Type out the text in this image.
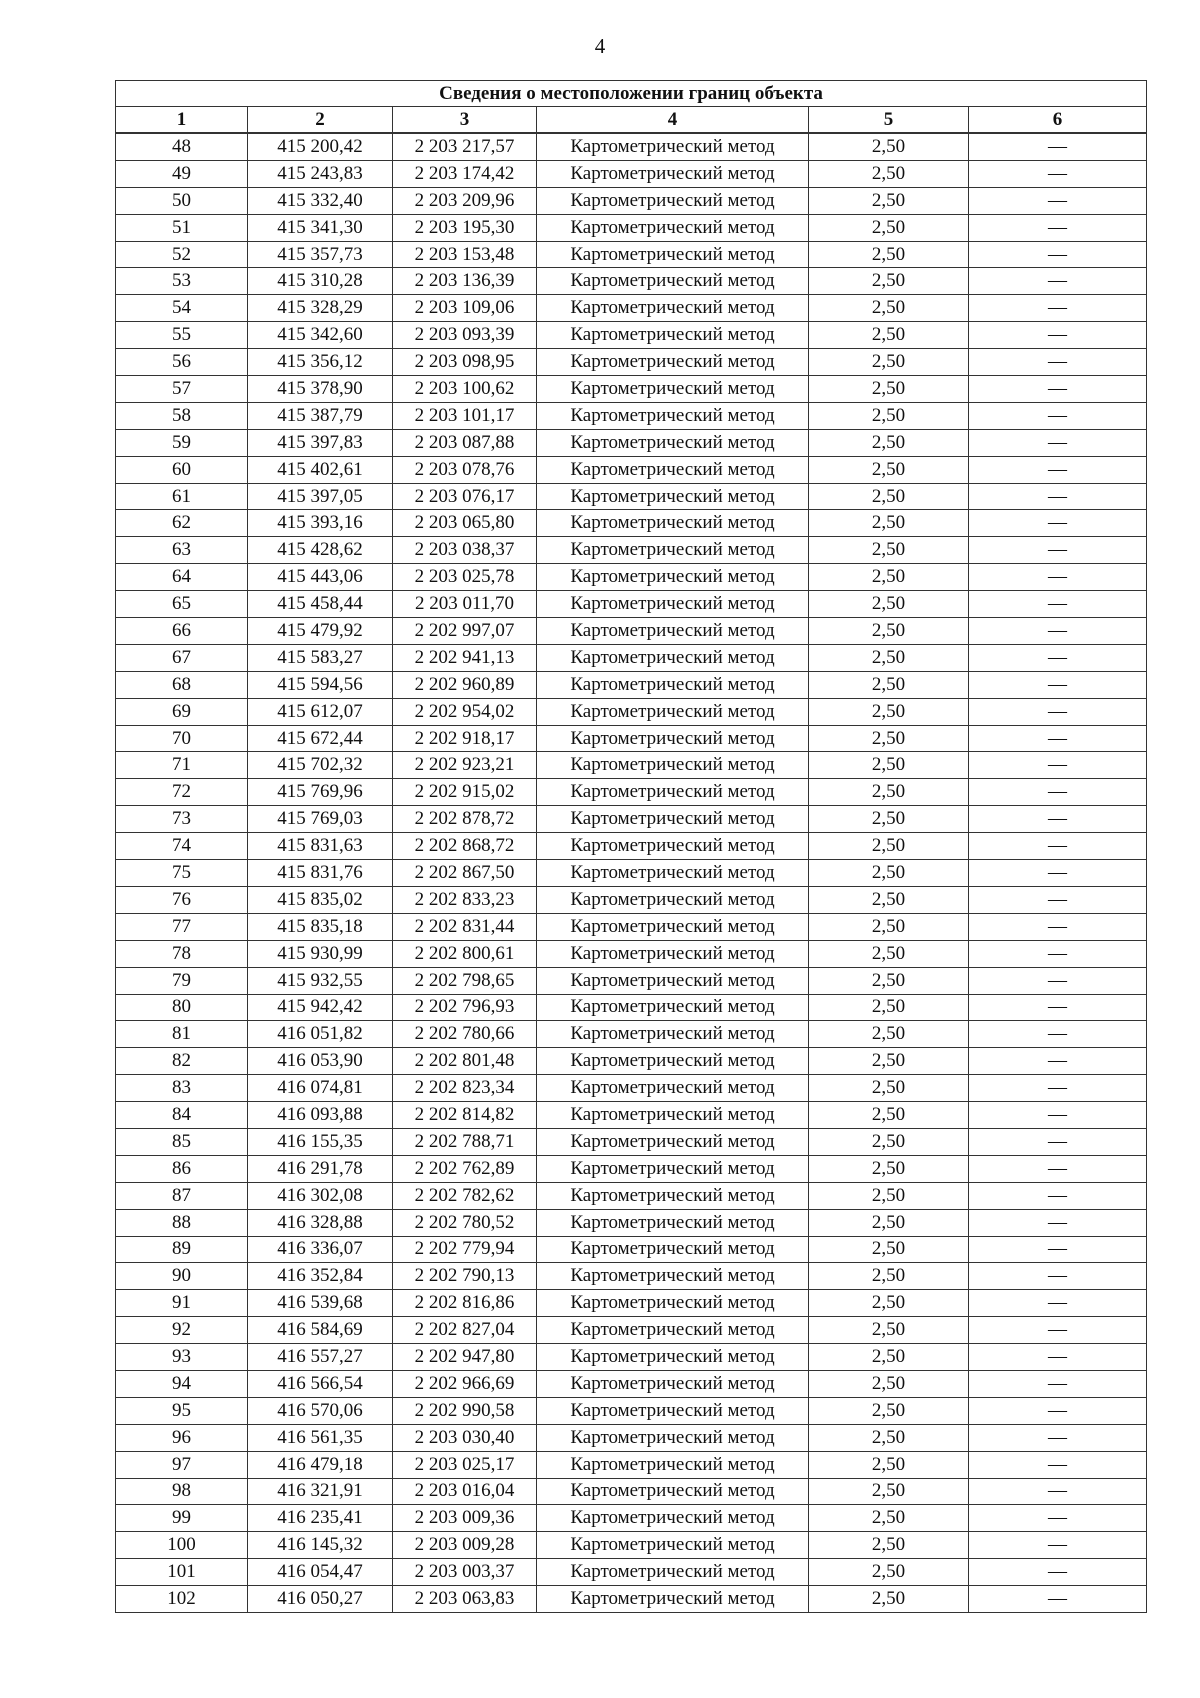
4
Сведения о местоположении границ объекта					
1	2	3	4	5	6
48	415 200,42	2 203 217,57	Картометрический метод	2,50	—
49	415 243,83	2 203 174,42	Картометрический метод	2,50	—
50	415 332,40	2 203 209,96	Картометрический метод	2,50	—
51	415 341,30	2 203 195,30	Картометрический метод	2,50	—
52	415 357,73	2 203 153,48	Картометрический метод	2,50	—
53	415 310,28	2 203 136,39	Картометрический метод	2,50	—
54	415 328,29	2 203 109,06	Картометрический метод	2,50	—
55	415 342,60	2 203 093,39	Картометрический метод	2,50	—
56	415 356,12	2 203 098,95	Картометрический метод	2,50	—
57	415 378,90	2 203 100,62	Картометрический метод	2,50	—
58	415 387,79	2 203 101,17	Картометрический метод	2,50	—
59	415 397,83	2 203 087,88	Картометрический метод	2,50	—
60	415 402,61	2 203 078,76	Картометрический метод	2,50	—
61	415 397,05	2 203 076,17	Картометрический метод	2,50	—
62	415 393,16	2 203 065,80	Картометрический метод	2,50	—
63	415 428,62	2 203 038,37	Картометрический метод	2,50	—
64	415 443,06	2 203 025,78	Картометрический метод	2,50	—
65	415 458,44	2 203 011,70	Картометрический метод	2,50	—
66	415 479,92	2 202 997,07	Картометрический метод	2,50	—
67	415 583,27	2 202 941,13	Картометрический метод	2,50	—
68	415 594,56	2 202 960,89	Картометрический метод	2,50	—
69	415 612,07	2 202 954,02	Картометрический метод	2,50	—
70	415 672,44	2 202 918,17	Картометрический метод	2,50	—
71	415 702,32	2 202 923,21	Картометрический метод	2,50	—
72	415 769,96	2 202 915,02	Картометрический метод	2,50	—
73	415 769,03	2 202 878,72	Картометрический метод	2,50	—
74	415 831,63	2 202 868,72	Картометрический метод	2,50	—
75	415 831,76	2 202 867,50	Картометрический метод	2,50	—
76	415 835,02	2 202 833,23	Картометрический метод	2,50	—
77	415 835,18	2 202 831,44	Картометрический метод	2,50	—
78	415 930,99	2 202 800,61	Картометрический метод	2,50	—
79	415 932,55	2 202 798,65	Картометрический метод	2,50	—
80	415 942,42	2 202 796,93	Картометрический метод	2,50	—
81	416 051,82	2 202 780,66	Картометрический метод	2,50	—
82	416 053,90	2 202 801,48	Картометрический метод	2,50	—
83	416 074,81	2 202 823,34	Картометрический метод	2,50	—
84	416 093,88	2 202 814,82	Картометрический метод	2,50	—
85	416 155,35	2 202 788,71	Картометрический метод	2,50	—
86	416 291,78	2 202 762,89	Картометрический метод	2,50	—
87	416 302,08	2 202 782,62	Картометрический метод	2,50	—
88	416 328,88	2 202 780,52	Картометрический метод	2,50	—
89	416 336,07	2 202 779,94	Картометрический метод	2,50	—
90	416 352,84	2 202 790,13	Картометрический метод	2,50	—
91	416 539,68	2 202 816,86	Картометрический метод	2,50	—
92	416 584,69	2 202 827,04	Картометрический метод	2,50	—
93	416 557,27	2 202 947,80	Картометрический метод	2,50	—
94	416 566,54	2 202 966,69	Картометрический метод	2,50	—
95	416 570,06	2 202 990,58	Картометрический метод	2,50	—
96	416 561,35	2 203 030,40	Картометрический метод	2,50	—
97	416 479,18	2 203 025,17	Картометрический метод	2,50	—
98	416 321,91	2 203 016,04	Картометрический метод	2,50	—
99	416 235,41	2 203 009,36	Картометрический метод	2,50	—
100	416 145,32	2 203 009,28	Картометрический метод	2,50	—
101	416 054,47	2 203 003,37	Картометрический метод	2,50	—
102	416 050,27	2 203 063,83	Картометрический метод	2,50	—
